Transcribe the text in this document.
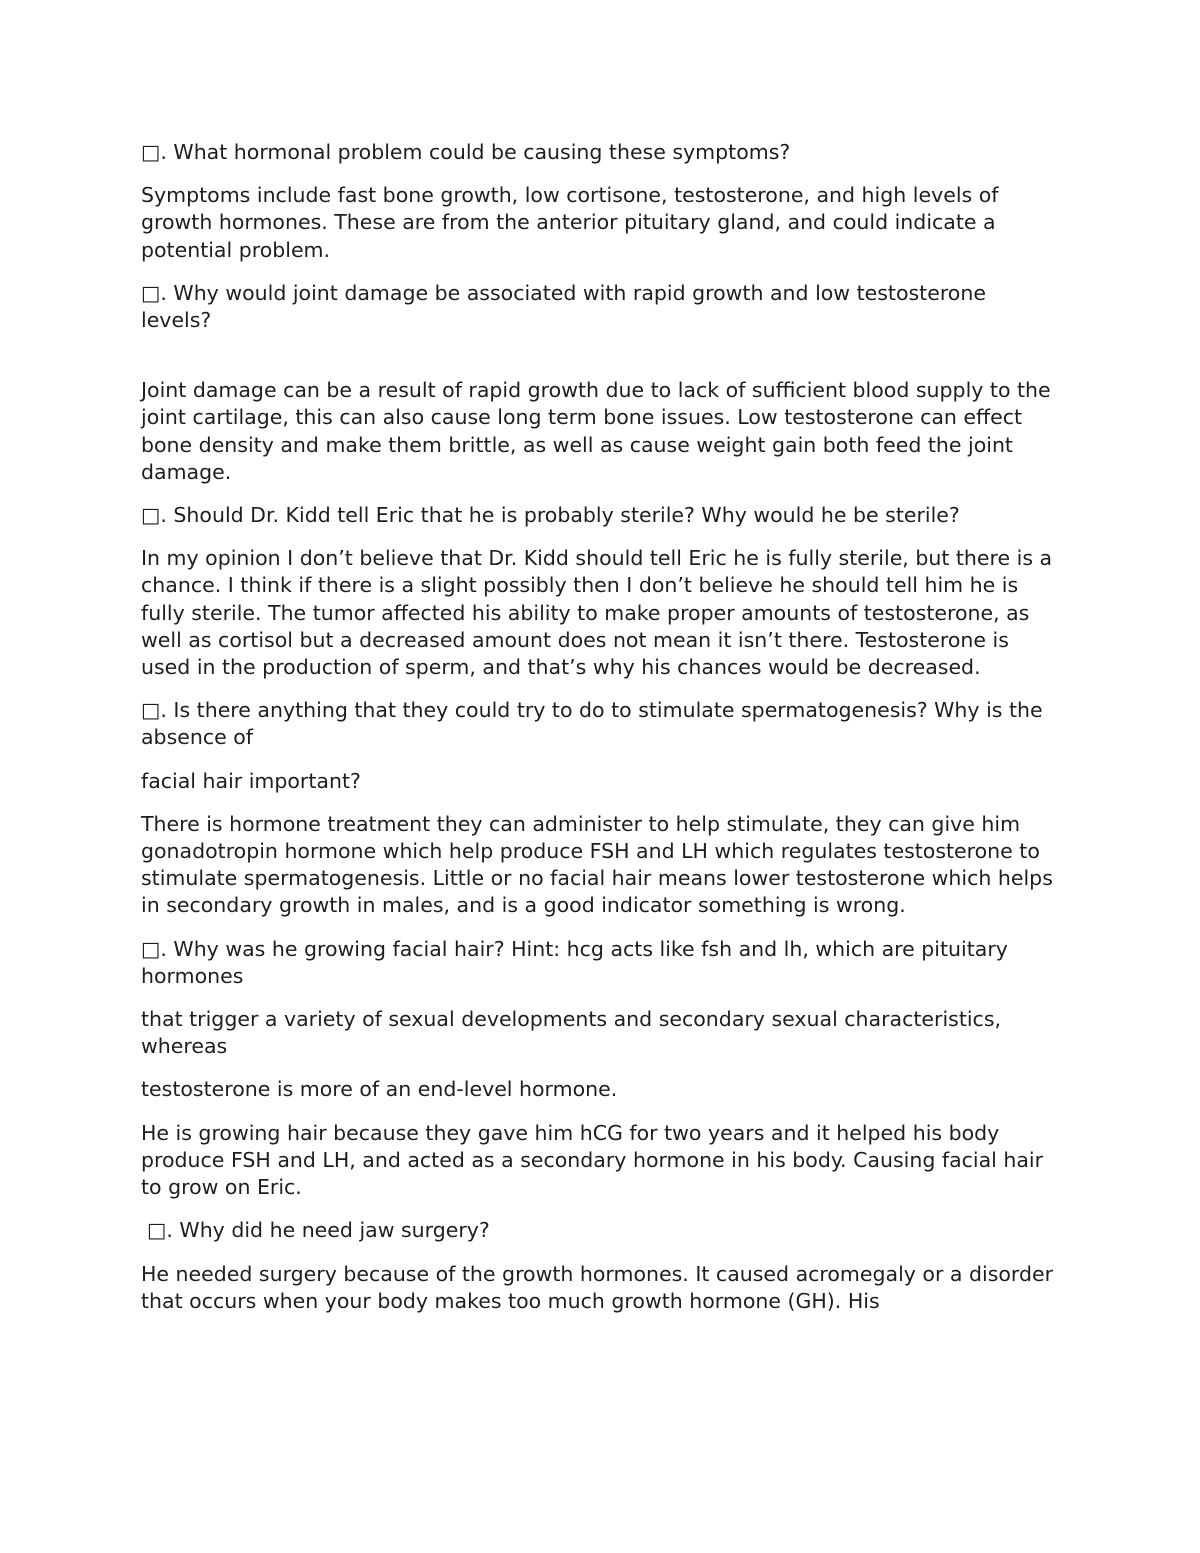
□. What hormonal problem could be causing these symptoms?

Symptoms include fast bone growth, low cortisone, testosterone, and high levels of growth hormones. These are from the anterior pituitary gland, and could indicate a potential problem.

□. Why would joint damage be associated with rapid growth and low testosterone levels?

Joint damage can be a result of rapid growth due to lack of sufficient blood supply to the joint cartilage, this can also cause long term bone issues. Low testosterone can effect bone density and make them brittle, as well as cause weight gain both feed the joint damage.

□. Should Dr. Kidd tell Eric that he is probably sterile? Why would he be sterile?

In my opinion I don’t believe that Dr. Kidd should tell Eric he is fully sterile, but there is a chance. I think if there is a slight possibly then I don’t believe he should tell him he is fully sterile. The tumor affected his ability to make proper amounts of testosterone, as well as cortisol but a decreased amount does not mean it isn’t there. Testosterone is used in the production of sperm, and that’s why his chances would be decreased.

□. Is there anything that they could try to do to stimulate spermatogenesis? Why is the absence of

facial hair important?

There is hormone treatment they can administer to help stimulate, they can give him gonadotropin hormone which help produce FSH and LH which regulates testosterone to stimulate spermatogenesis. Little or no facial hair means lower testosterone which helps in secondary growth in males, and is a good indicator something is wrong.

□. Why was he growing facial hair? Hint: hcg acts like fsh and lh, which are pituitary hormones

that trigger a variety of sexual developments and secondary sexual characteristics, whereas

testosterone is more of an end-level hormone.

He is growing hair because they gave him hCG for two years and it helped his body produce FSH and LH, and acted as a secondary hormone in his body. Causing facial hair to grow on Eric.

□. Why did he need jaw surgery?

He needed surgery because of the growth hormones. It caused acromegaly or a disorder that occurs when your body makes too much growth hormone (GH). His
